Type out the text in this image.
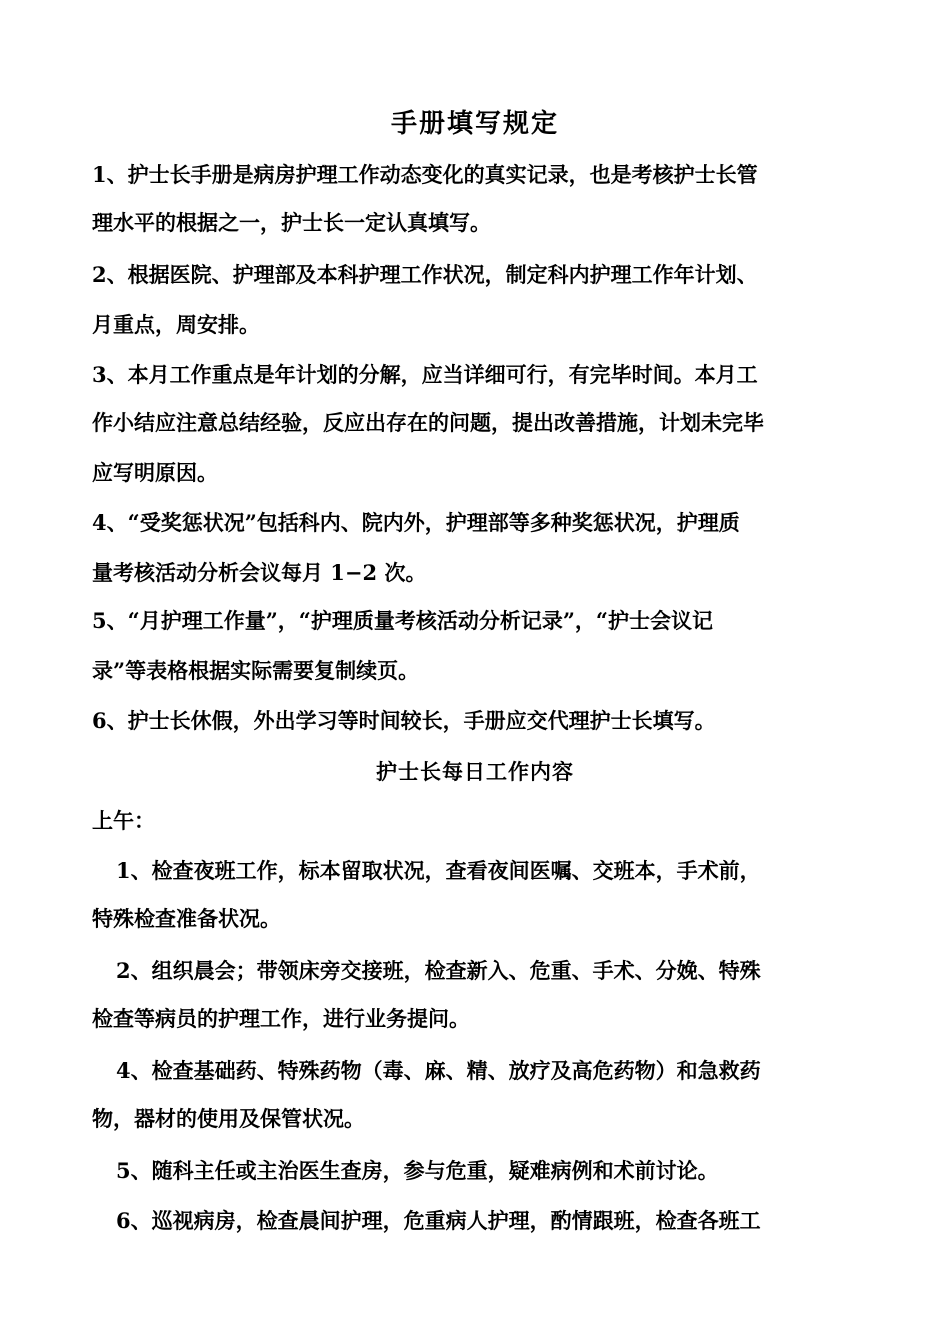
手册填写规定
1、护士长手册是病房护理工作动态变化的真实记录，也是考核护士长管
理水平的根据之一，护士长一定认真填写。
2、根据医院、护理部及本科护理工作状况，制定科内护理工作年计划、
月重点，周安排。
3、本月工作重点是年计划的分解，应当详细可行，有完毕时间。本月工
作小结应注意总结经验，反应出存在的问题，提出改善措施，计划未完毕
应写明原因。
4、“受奖惩状况”包括科内、院内外，护理部等多种奖惩状况，护理质
量考核活动分析会议每月 1−2 次。
5、“月护理工作量”，“护理质量考核活动分析记录”，“护士会议记
录”等表格根据实际需要复制续页。
6、护士长休假，外出学习等时间较长，手册应交代理护士长填写。
护士长每日工作内容
上午：
1、检查夜班工作，标本留取状况，查看夜间医嘱、交班本，手术前，
特殊检查准备状况。
2、组织晨会；带领床旁交接班，检查新入、危重、手术、分娩、特殊
检查等病员的护理工作，进行业务提问。
4、检查基础药、特殊药物（毒、麻、精、放疗及高危药物）和急救药
物，器材的使用及保管状况。
5、随科主任或主治医生查房，参与危重，疑难病例和术前讨论。
6、巡视病房，检查晨间护理，危重病人护理，酌情跟班，检查各班工
